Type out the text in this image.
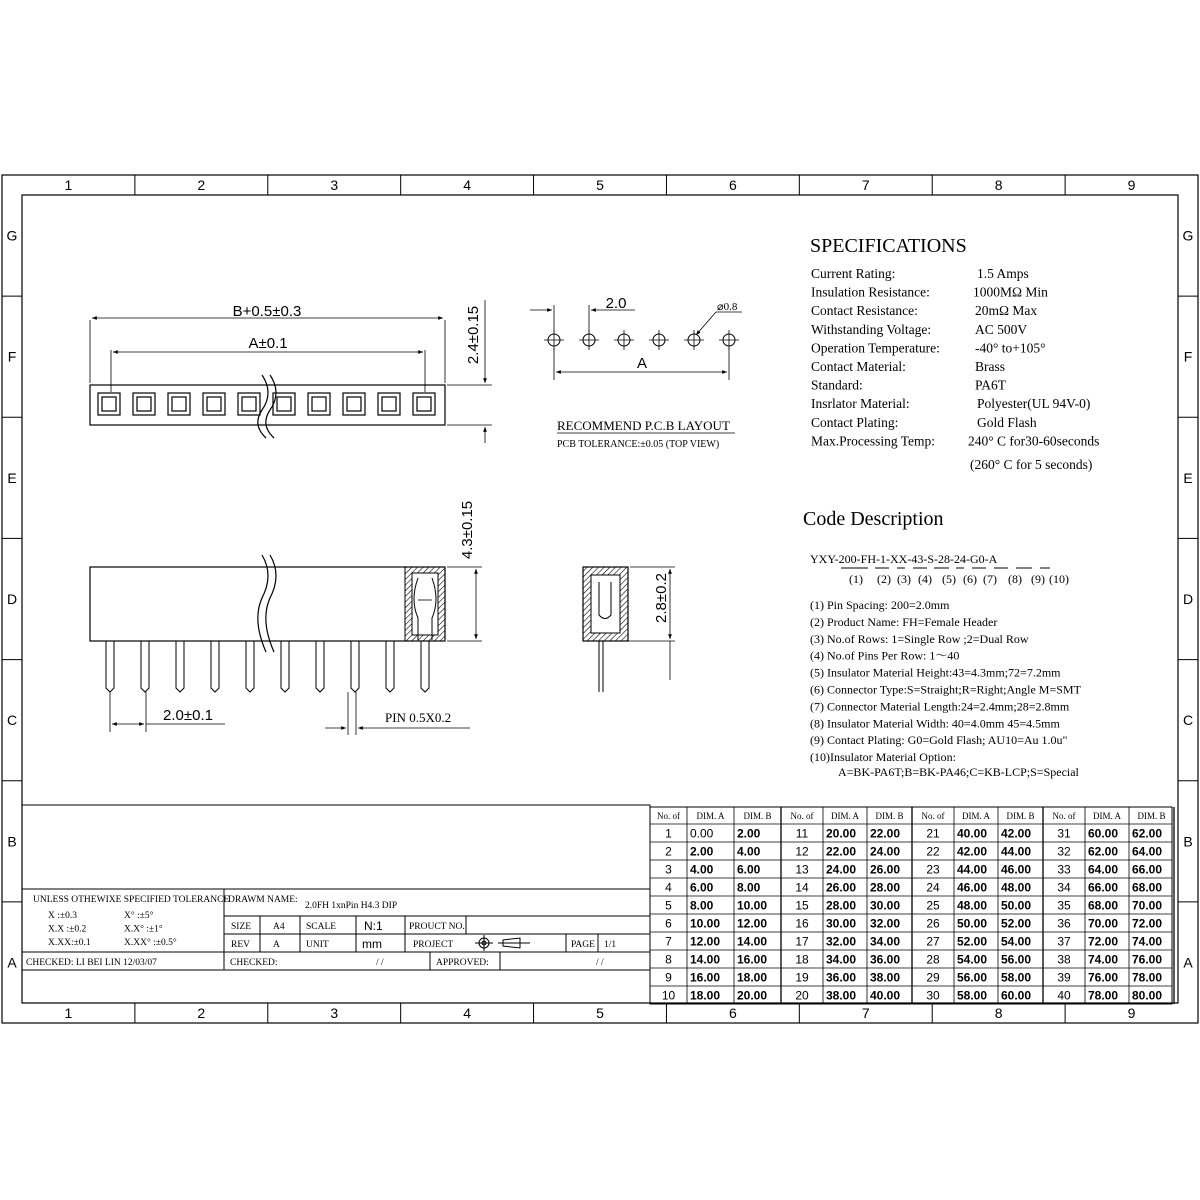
1
1
2
2
3
3
4
4
5
5
6
6
7
7
8
8
9
9
G	G
F	F
E	E
D	D
C	C
B	B
A	A
B+0.5±0.3
A±0.1	2.4±0.15
2.0	⌀0.8
A
RECOMMEND P.C.B LAYOUT
PCB TOLERANCE:±0.05 (TOP VIEW)
4.3±0.15
2.0±0.1	PIN 0.5X0.2
2.8±0.2
SPECIFICATIONS
Current Rating:	1.5 Amps
Insulation Resistance:	1000MΩ Min
Contact Resistance:	20mΩ Max
Withstanding Voltage:	AC 500V
Operation Temperature:	-40° to+105°
Contact Material:	Brass
Standard:	PA6T
Insrlator Material:	Polyester(UL 94V-0)
Contact Plating:	Gold Flash
Max.Processing Temp: 240° C for30-60seconds
(260° C for 5 seconds)
Code Description
YXY-200-FH-1-XX-43-S-28-24-G0-A
(1) (2) (3) (4) (5) (6) (7) (8) (9) (10)
(1) Pin Spacing: 200=2.0mm
(2) Product Name: FH=Female Header
(3) No.of Rows: 1=Single Row ;2=Dual Row
(4) No.of Pins Per Row: 1～40
(5) Insulator Material Height:43=4.3mm;72=7.2mm
(6) Connector Type:S=Straight;R=Right;Angle M=SMT
(7) Connector Material Length:24=2.4mm;28=2.8mm
(8) Insulator Material Width: 40=4.0mm 45=4.5mm
(9) Contact Plating: G0=Gold Flash; AU10=Au 1.0u"
(10)Insulator Material Option:
A=BK-PA6T;B=BK-PA46;C=KB-LCP;S=Special
UNLESS OTHEWIXE SPECIFIED TOLERANCE
X :±0.3	X° :±5°
X.X :±0.2	X.X° :±1°
X.XX:±0.1	X.XX° :±0.5°
DRAWM NAME:
2.0FH 1xnPin H4.3 DIP
SIZE A4 SCALE N:1	PROUCT NO.
REV A	UNIT	mm	PROJECT	PAGE 1/1
CHECKED: LI BEI LIN 12/03/07	CHECKED:	/ /	APPROVED:	/ /
No. of DIM. A DIM. B No. of DIM. A DIM. B No. of DIM. A DIM. B No. of DIM. A DIM. B
1 0.00 2.00	11 20.00 22.00 21 40.00 42.00 31 60.00 62.00
2 2.00 4.00	12 22.00 24.00 22 42.00 44.00 32 62.00 64.00
3 4.00 6.00	13 24.00 26.00 23 44.00 46.00 33 64.00 66.00
4 6.00 8.00	14 26.00 28.00 24 46.00 48.00 34 66.00 68.00
5 8.00 10.00 15 28.00 30.00 25 48.00 50.00 35 68.00 70.00
6 10.00 12.00 16 30.00 32.00 26 50.00 52.00 36 70.00 72.00
7 12.00 14.00 17 32.00 34.00 27 52.00 54.00 37 72.00 74.00
8 14.00 16.00 18 34.00 36.00 28 54.00 56.00 38 74.00 76.00
9 16.00 18.00 19 36.00 38.00 29 56.00 58.00 39 76.00 78.00
10 18.00 20.00 20 38.00 40.00 30 58.00 60.00 40 78.00 80.00
